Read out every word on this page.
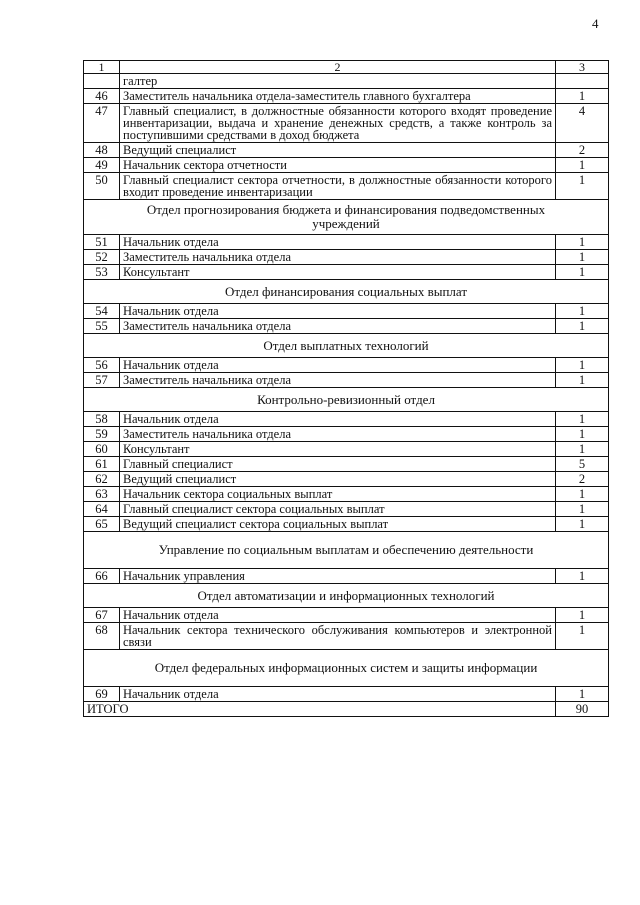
4
1	2	3
	галтер	
46	Заместитель начальника отдела-заместитель главного бухгалтера	1
47	Главный специалист, в должностные обязанности которого входят проведение инвентаризации, выдача и хранение денежных средств, а также контроль за поступившими средствами в доход бюджета	4
48	Ведущий специалист	2
49	Начальник сектора отчетности	1
50	Главный специалист сектора отчетности, в должностные обязанности которого входит проведение инвентаризации	1
Отдел прогнозирования бюджета и финансирования подведомственных учреждений		
51	Начальник отдела	1
52	Заместитель начальника отдела	1
53	Консультант	1
Отдел финансирования социальных выплат		
54	Начальник отдела	1
55	Заместитель начальника отдела	1
Отдел выплатных технологий		
56	Начальник отдела	1
57	Заместитель начальника отдела	1
Контрольно-ревизионный отдел		
58	Начальник отдела	1
59	Заместитель начальника отдела	1
60	Консультант	1
61	Главный специалист	5
62	Ведущий специалист	2
63	Начальник сектора социальных выплат	1
64	Главный специалист сектора социальных выплат	1
65	Ведущий специалист сектора социальных выплат	1
Управление по социальным выплатам и обеспечению деятельности		
66	Начальник управления	1
Отдел автоматизации и информационных технологий		
67	Начальник отдела	1
68	Начальник сектора технического обслуживания компьютеров и электронной связи	1
Отдел федеральных информационных систем и защиты информации		
69	Начальник отдела	1
ИТОГО		90
